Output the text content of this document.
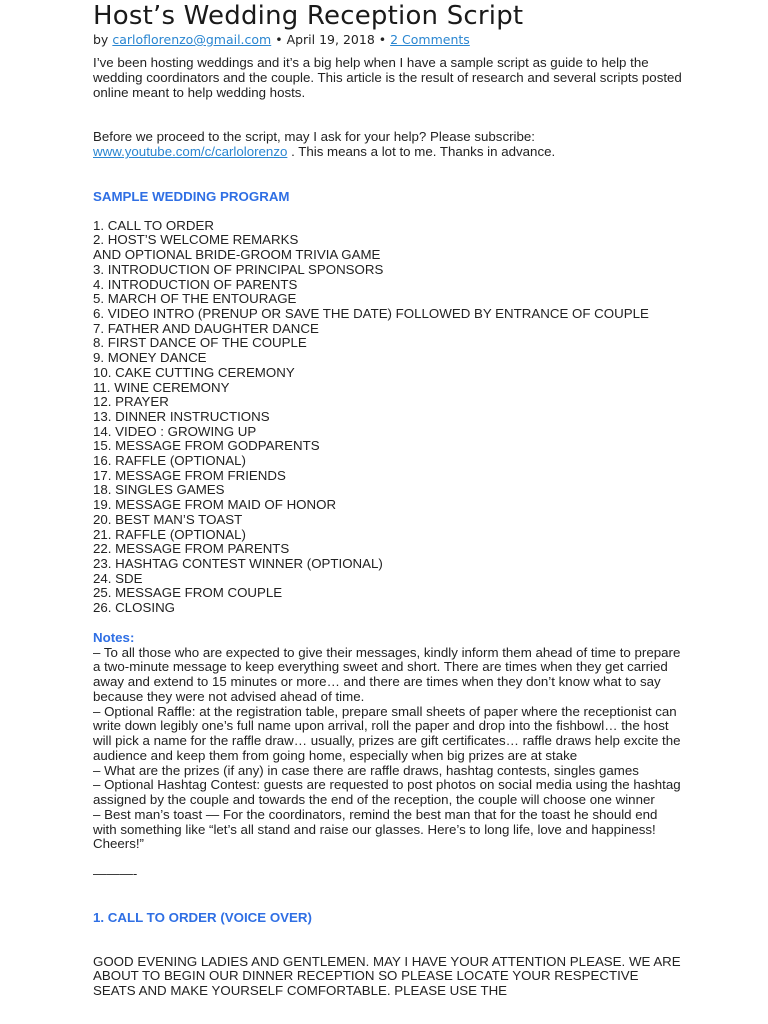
Host’s Wedding Reception Script
by carloflorenzo@gmail.com • April 19, 2018 • 2 Comments

I’ve been hosting weddings and it’s a big help when I have a sample script as guide to help the wedding coordinators and the couple. This article is the result of research and several scripts posted online meant to help wedding hosts.

Before we proceed to the script, may I ask for your help? Please subscribe:
www.youtube.com/c/carlolorenzo . This means a lot to me. Thanks in advance.

SAMPLE WEDDING PROGRAM
1. CALL TO ORDER
2. HOST’S WELCOME REMARKS
AND OPTIONAL BRIDE-GROOM TRIVIA GAME
3. INTRODUCTION OF PRINCIPAL SPONSORS
4. INTRODUCTION OF PARENTS
5. MARCH OF THE ENTOURAGE
6. VIDEO INTRO (PRENUP OR SAVE THE DATE) FOLLOWED BY ENTRANCE OF COUPLE
7. FATHER AND DAUGHTER DANCE
8. FIRST DANCE OF THE COUPLE
9. MONEY DANCE
10. CAKE CUTTING CEREMONY
11. WINE CEREMONY
12. PRAYER
13. DINNER INSTRUCTIONS
14. VIDEO : GROWING UP
15. MESSAGE FROM GODPARENTS
16. RAFFLE (OPTIONAL)
17. MESSAGE FROM FRIENDS
18. SINGLES GAMES
19. MESSAGE FROM MAID OF HONOR
20. BEST MAN’S TOAST
21. RAFFLE (OPTIONAL)
22. MESSAGE FROM PARENTS
23. HASHTAG CONTEST WINNER (OPTIONAL)
24. SDE
25. MESSAGE FROM COUPLE
26. CLOSING
Notes:
– To all those who are expected to give their messages, kindly inform them ahead of time to prepare a two-minute message to keep everything sweet and short. There are times when they get carried away and extend to 15 minutes or more… and there are times when they don’t know what to say because they were not advised ahead of time.
– Optional Raffle: at the registration table, prepare small sheets of paper where the receptionist can write down legibly one’s full name upon arrival, roll the paper and drop into the fishbowl… the host will pick a name for the raffle draw… usually, prizes are gift certificates… raffle draws help excite the audience and keep them from going home, especially when big prizes are at stake
– What are the prizes (if any) in case there are raffle draws, hashtag contests, singles games
– Optional Hashtag Contest: guests are requested to post photos on social media using the hashtag assigned by the couple and towards the end of the reception, the couple will choose one winner
– Best man’s toast — For the coordinators, remind the best man that for the toast he should end with something like “let’s all stand and raise our glasses. Here’s to long life, love and happiness! Cheers!”
———-
1. CALL TO ORDER (VOICE OVER)

GOOD EVENING LADIES AND GENTLEMEN. MAY I HAVE YOUR ATTENTION PLEASE. WE ARE ABOUT TO BEGIN OUR DINNER RECEPTION SO PLEASE LOCATE YOUR RESPECTIVE SEATS AND MAKE YOURSELF COMFORTABLE. PLEASE USE THE
